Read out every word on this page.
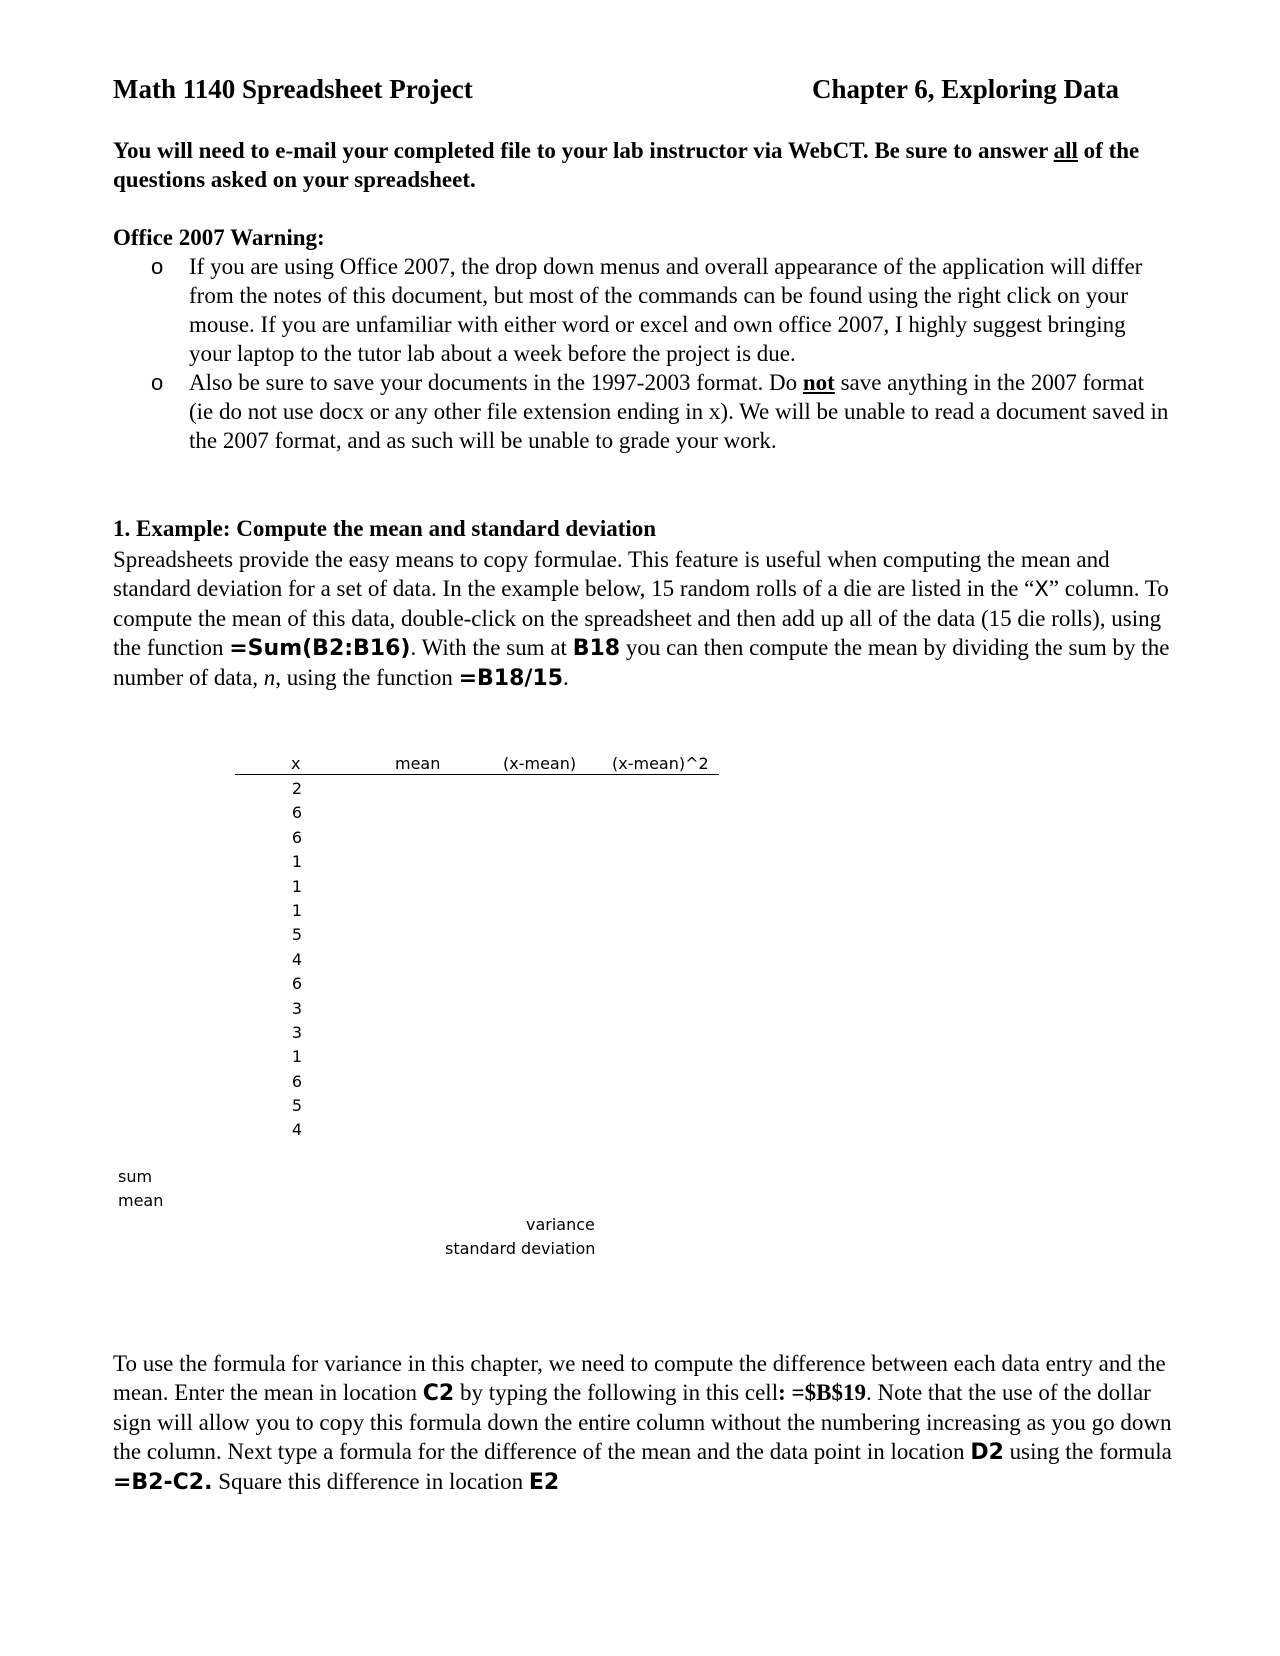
Math 1140 Spreadsheet Project	Chapter 6, Exploring Data
You will need to e-mail your completed file to your lab instructor via WebCT. Be sure to answer all of the questions asked on your spreadsheet.
Office 2007 Warning:
o If you are using Office 2007, the drop down menus and overall appearance of the application will differ from the notes of this document, but most of the commands can be found using the right click on your mouse. If you are unfamiliar with either word or excel and own office 2007, I highly suggest bringing your laptop to the tutor lab about a week before the project is due.
o Also be sure to save your documents in the 1997-2003 format. Do not save anything in the 2007 format (ie do not use docx or any other file extension ending in x). We will be unable to read a document saved in the 2007 format, and as such will be unable to grade your work.
1. Example: Compute the mean and standard deviation
Spreadsheets provide the easy means to copy formulae. This feature is useful when computing the mean and standard deviation for a set of data. In the example below, 15 random rolls of a die are listed in the “X” column. To compute the mean of this data, double-click on the spreadsheet and then add up all of the data (15 die rolls), using the function =Sum(B2:B16). With the sum at B18 you can then compute the mean by dividing the sum by the number of data, n, using the function =B18/15.
x	mean	(x-mean) (x-mean)^2
2
6
6
1
1
1
5
4
6
3
3
1
6
5
4
sum
mean
variance
standard deviation
To use the formula for variance in this chapter, we need to compute the difference between each data entry and the mean. Enter the mean in location C2 by typing the following in this cell: =$B$19. Note that the use of the dollar sign will allow you to copy this formula down the entire column without the numbering increasing as you go down the column. Next type a formula for the difference of the mean and the data point in location D2 using the formula =B2-C2. Square this difference in location E2
